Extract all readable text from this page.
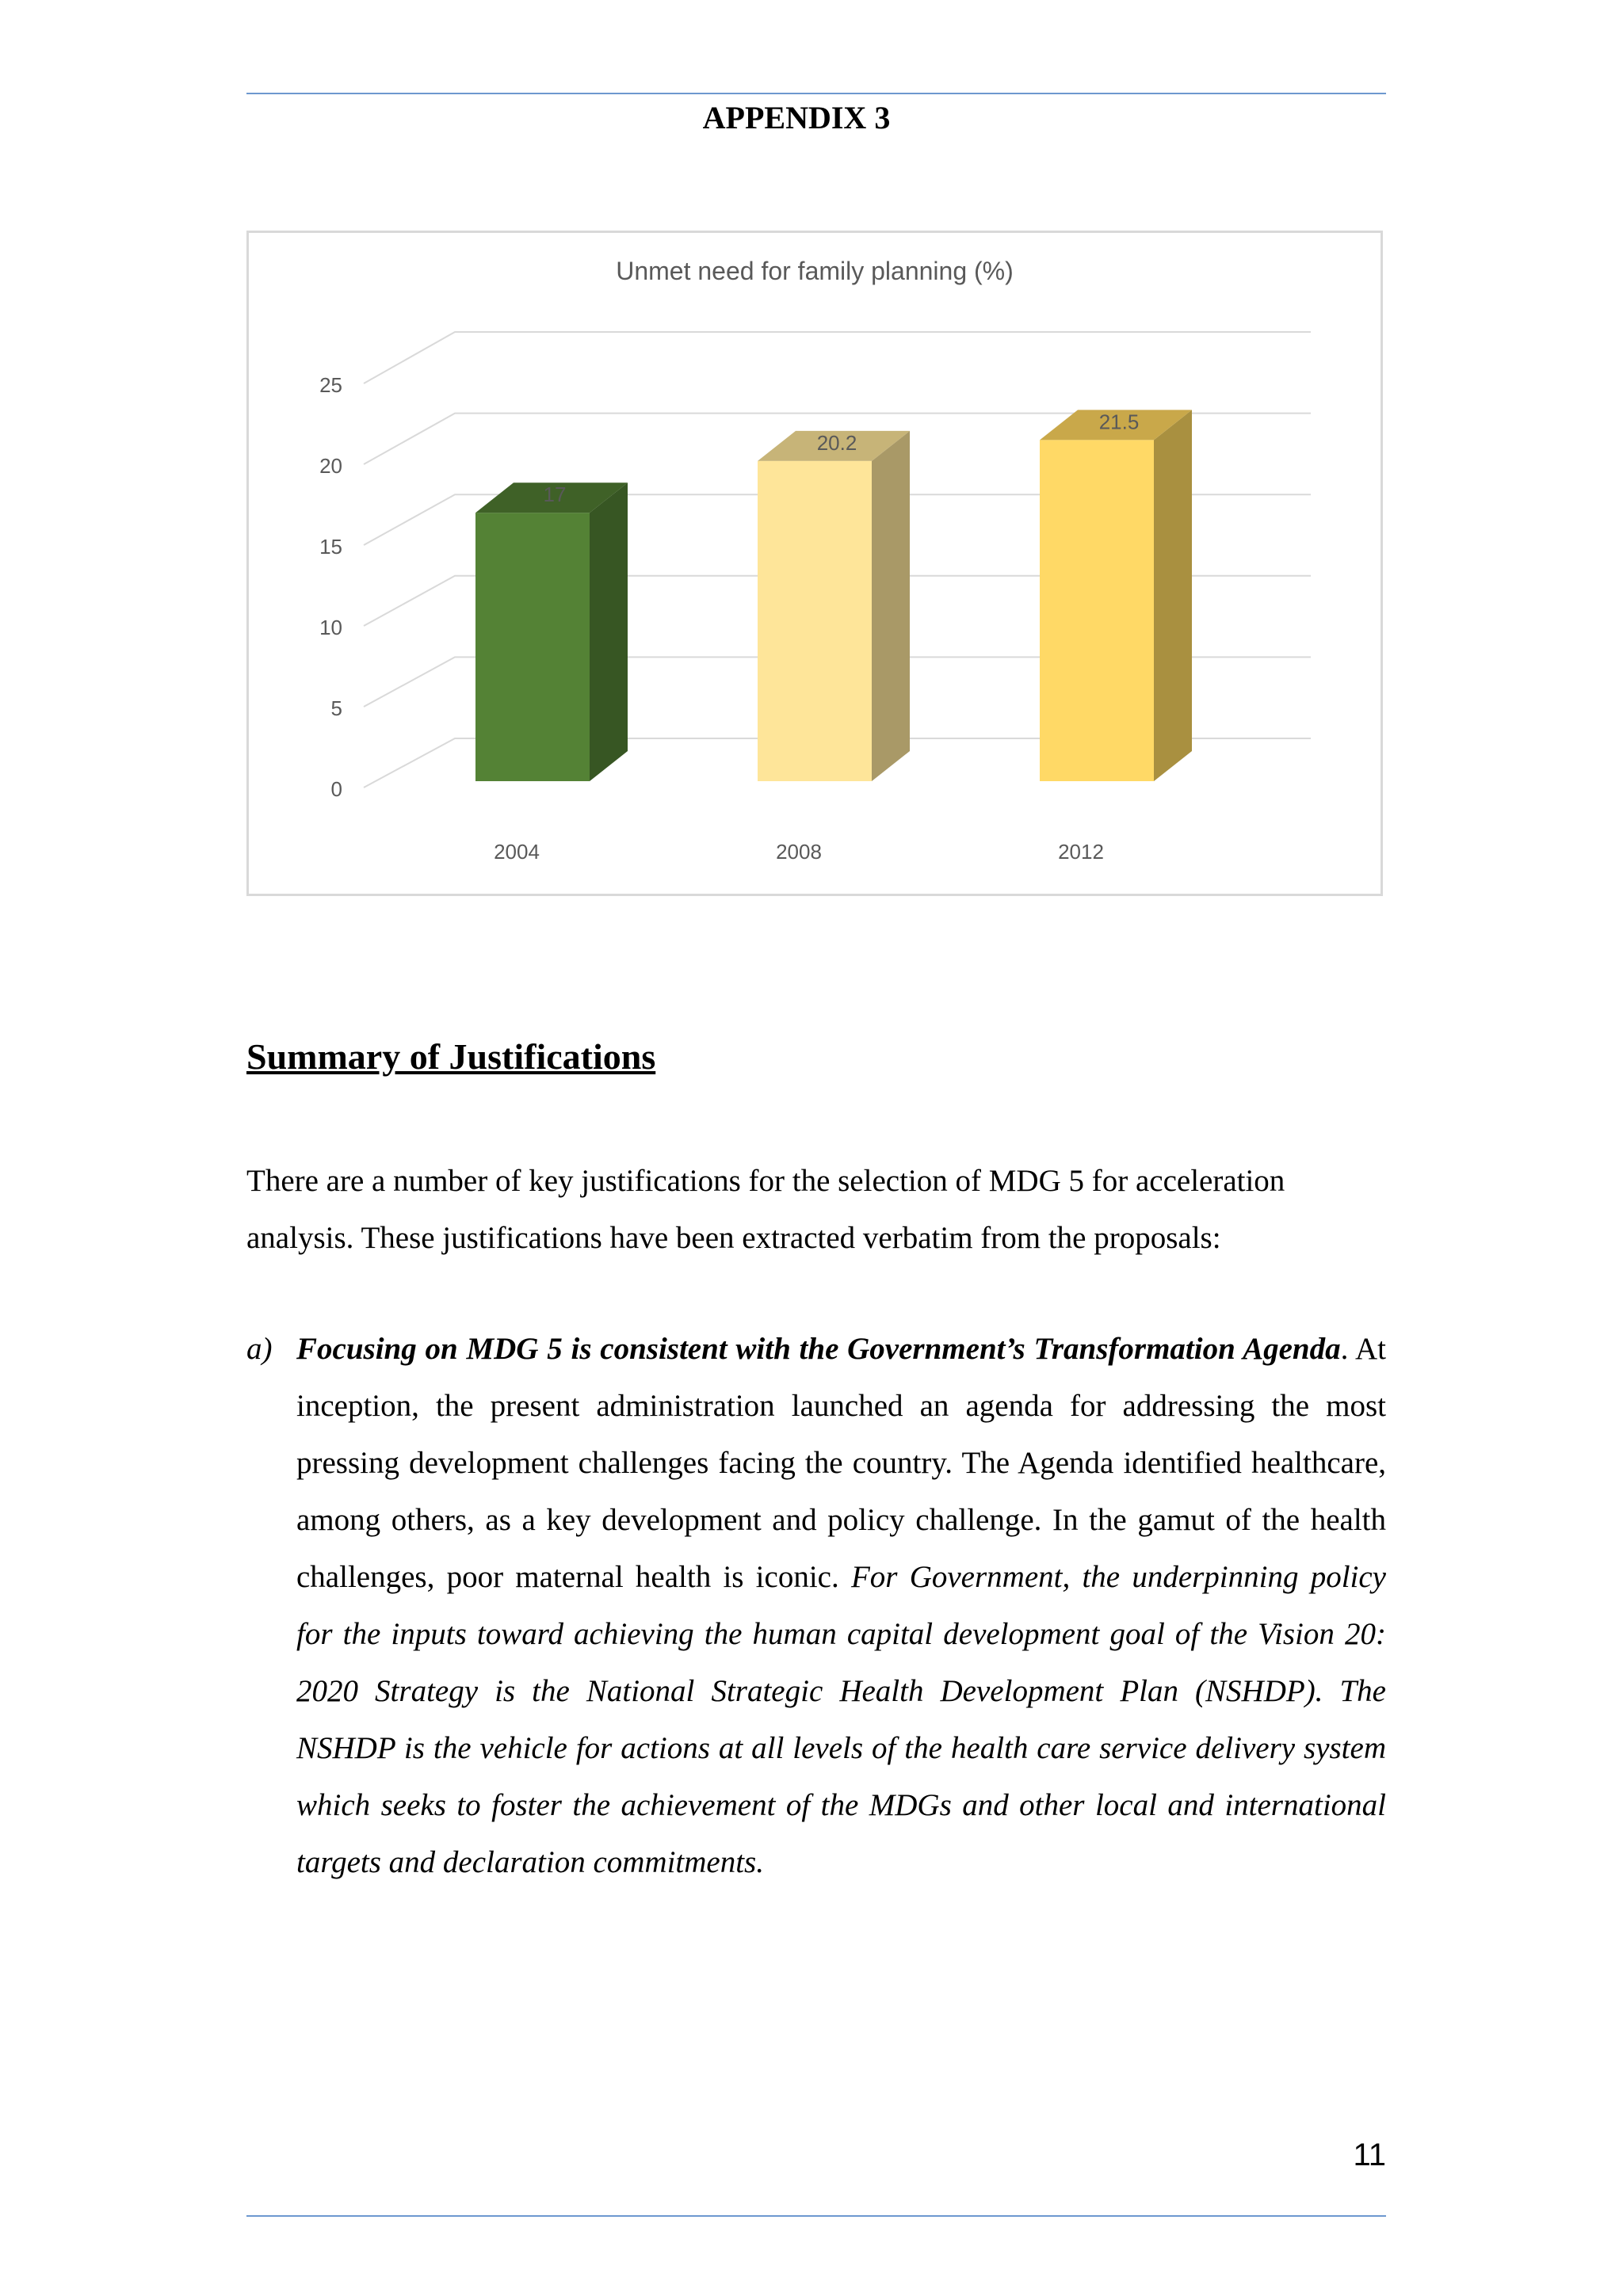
APPENDIX 3
Unmet need for family planning (%)
0
5
10
15
20
25
17
2004
20.2
2008
21.5
2012
Summary of Justifications
There are a number of key justifications for the selection of MDG 5 for acceleration analysis. These justifications have been extracted verbatim from the proposals:
a) Focusing on MDG 5 is consistent with the Government’s Transformation Agenda. At inception, the present administration launched an agenda for addressing the most pressing development challenges facing the country. The Agenda identified healthcare, among others, as a key development and policy challenge. In the gamut of the health challenges, poor maternal health is iconic. For Government, the underpinning policy for the inputs toward achieving the human capital development goal of the Vision 20: 2020 Strategy is the National Strategic Health Development Plan (NSHDP). The NSHDP is the vehicle for actions at all levels of the health care service delivery system which seeks to foster the achievement of the MDGs and other local and international targets and declaration commitments.
11
